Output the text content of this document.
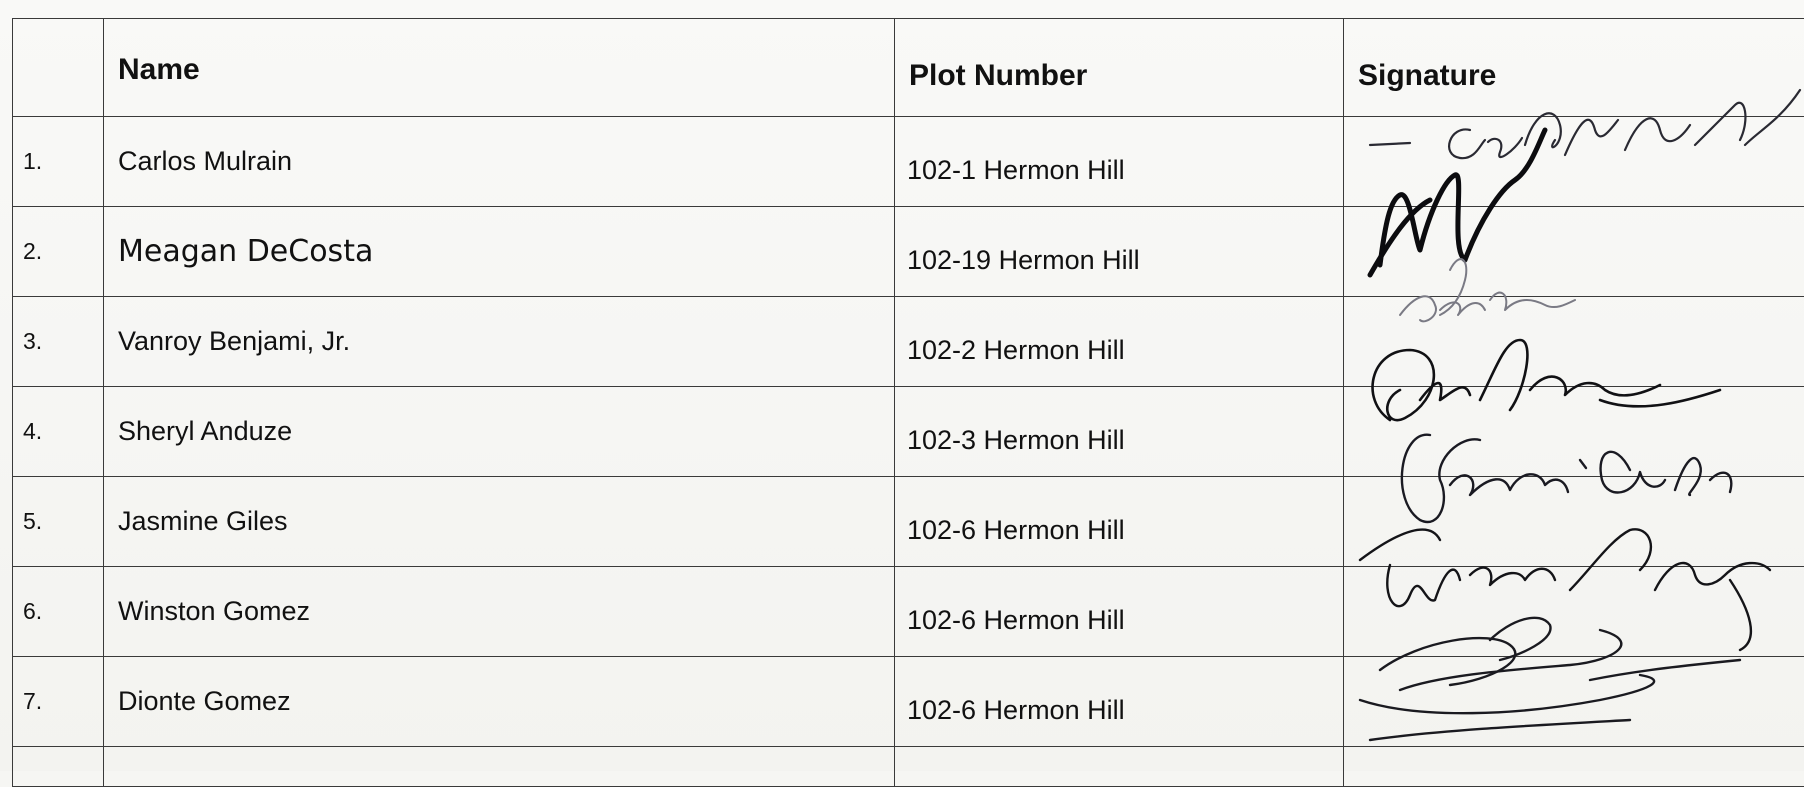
	Name	Plot Number	Signature
1.	Carlos Mulrain	102-1 Hermon Hill	
2.	Meagan DeCosta	102-19 Hermon Hill	
3.	Vanroy Benjami, Jr.	102-2 Hermon Hill	
4.	Sheryl Anduze	102-3 Hermon Hill	
5.	Jasmine Giles	102-6 Hermon Hill	
6.	Winston Gomez	102-6 Hermon Hill	
7.	Dionte Gomez	102-6 Hermon Hill	
